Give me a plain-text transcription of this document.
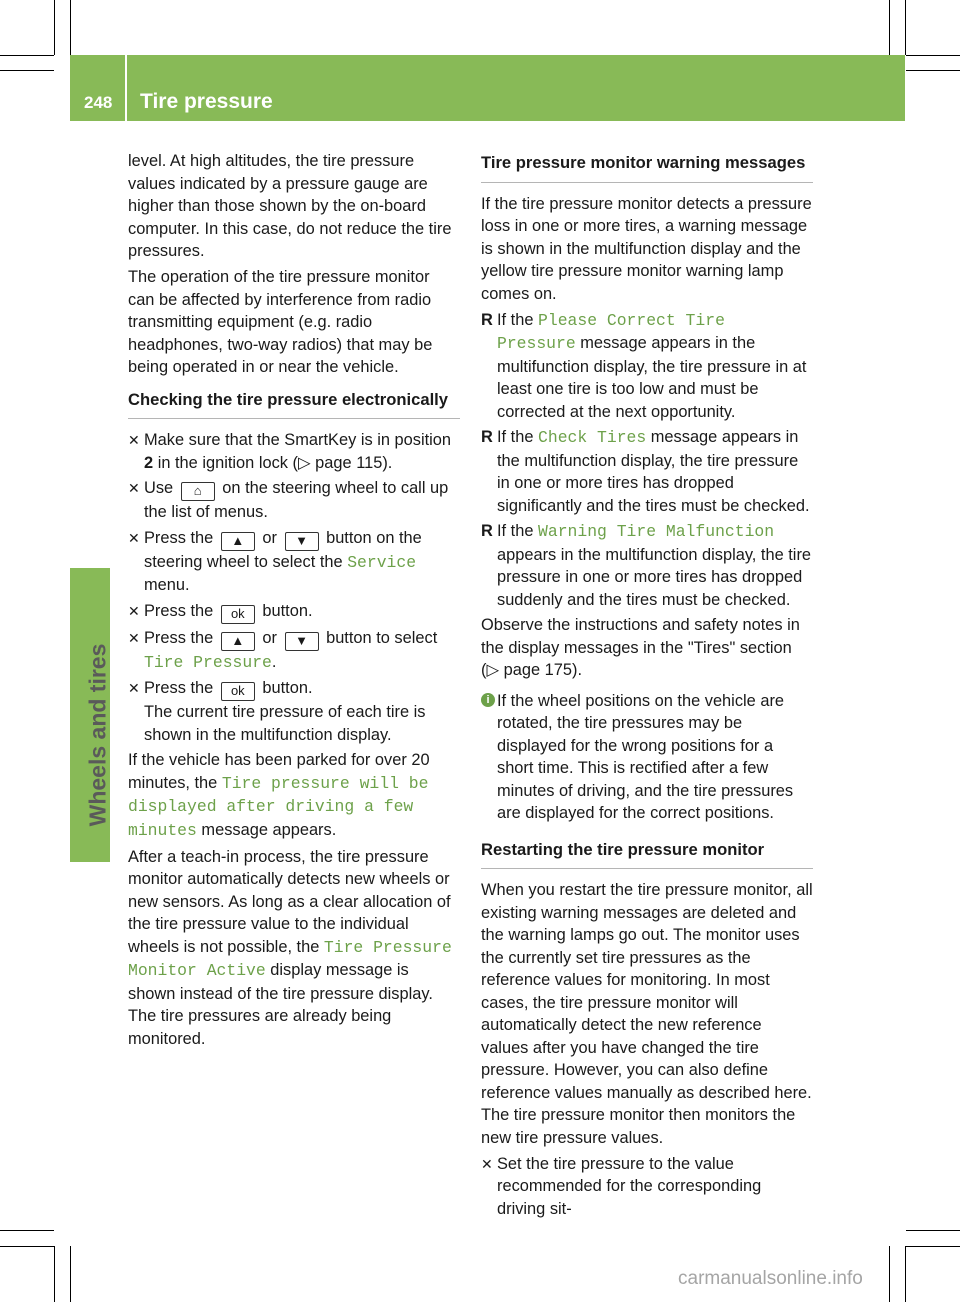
248 Tire pressure
Wheels and tires

level. At high altitudes, the tire pressure values indicated by a pressure gauge are higher than those shown by the on-board computer. In this case, do not reduce the tire pressures.

The operation of the tire pressure monitor can be affected by interference from radio transmitting equipment (e.g. radio headphones, two-way radios) that may be being operated in or near the vehicle.

Checking the tire pressure electronically
✕ Make sure that the SmartKey is in position 2 in the ignition lock (▷ page 115).
✕ Use ⌂ on the steering wheel to call up the list of menus.
✕ Press the ▲ or ▼ button on the steering wheel to select the Service menu.
✕ Press the ok button.
✕ Press the ▲ or ▼ button to select Tire Pressure.
✕ Press the ok button.
The current tire pressure of each tire is shown in the multifunction display.

If the vehicle has been parked for over 20 minutes, the Tire pressure will be displayed after driving a few minutes message appears.

After a teach-in process, the tire pressure monitor automatically detects new wheels or new sensors. As long as a clear allocation of the tire pressure value to the individual wheels is not possible, the Tire Pressure Monitor Active display message is shown instead of the tire pressure display. The tire pressures are already being monitored.

Tire pressure monitor warning messages

If the tire pressure monitor detects a pressure loss in one or more tires, a warning message is shown in the multifunction display and the yellow tire pressure monitor warning lamp comes on.

R If the Please Correct Tire Pressure message appears in the multifunction display, the tire pressure in at least one tire is too low and must be corrected at the next opportunity.
R If the Check Tires message appears in the multifunction display, the tire pressure in one or more tires has dropped significantly and the tires must be checked.
R If the Warning Tire Malfunction appears in the multifunction display, the tire pressure in one or more tires has dropped suddenly and the tires must be checked.

Observe the instructions and safety notes in the display messages in the "Tires" section (▷ page 175).

i If the wheel positions on the vehicle are rotated, the tire pressures may be displayed for the wrong positions for a short time. This is rectified after a few minutes of driving, and the tire pressures are displayed for the correct positions.
Restarting the tire pressure monitor

When you restart the tire pressure monitor, all existing warning messages are deleted and the warning lamps go out. The monitor uses the currently set tire pressures as the reference values for monitoring. In most cases, the tire pressure monitor will automatically detect the new reference values after you have changed the tire pressure. However, you can also define reference values manually as described here. The tire pressure monitor then monitors the new tire pressure values.

✕ Set the tire pressure to the value recommended for the corresponding driving sit-
carmanualsonline.info
